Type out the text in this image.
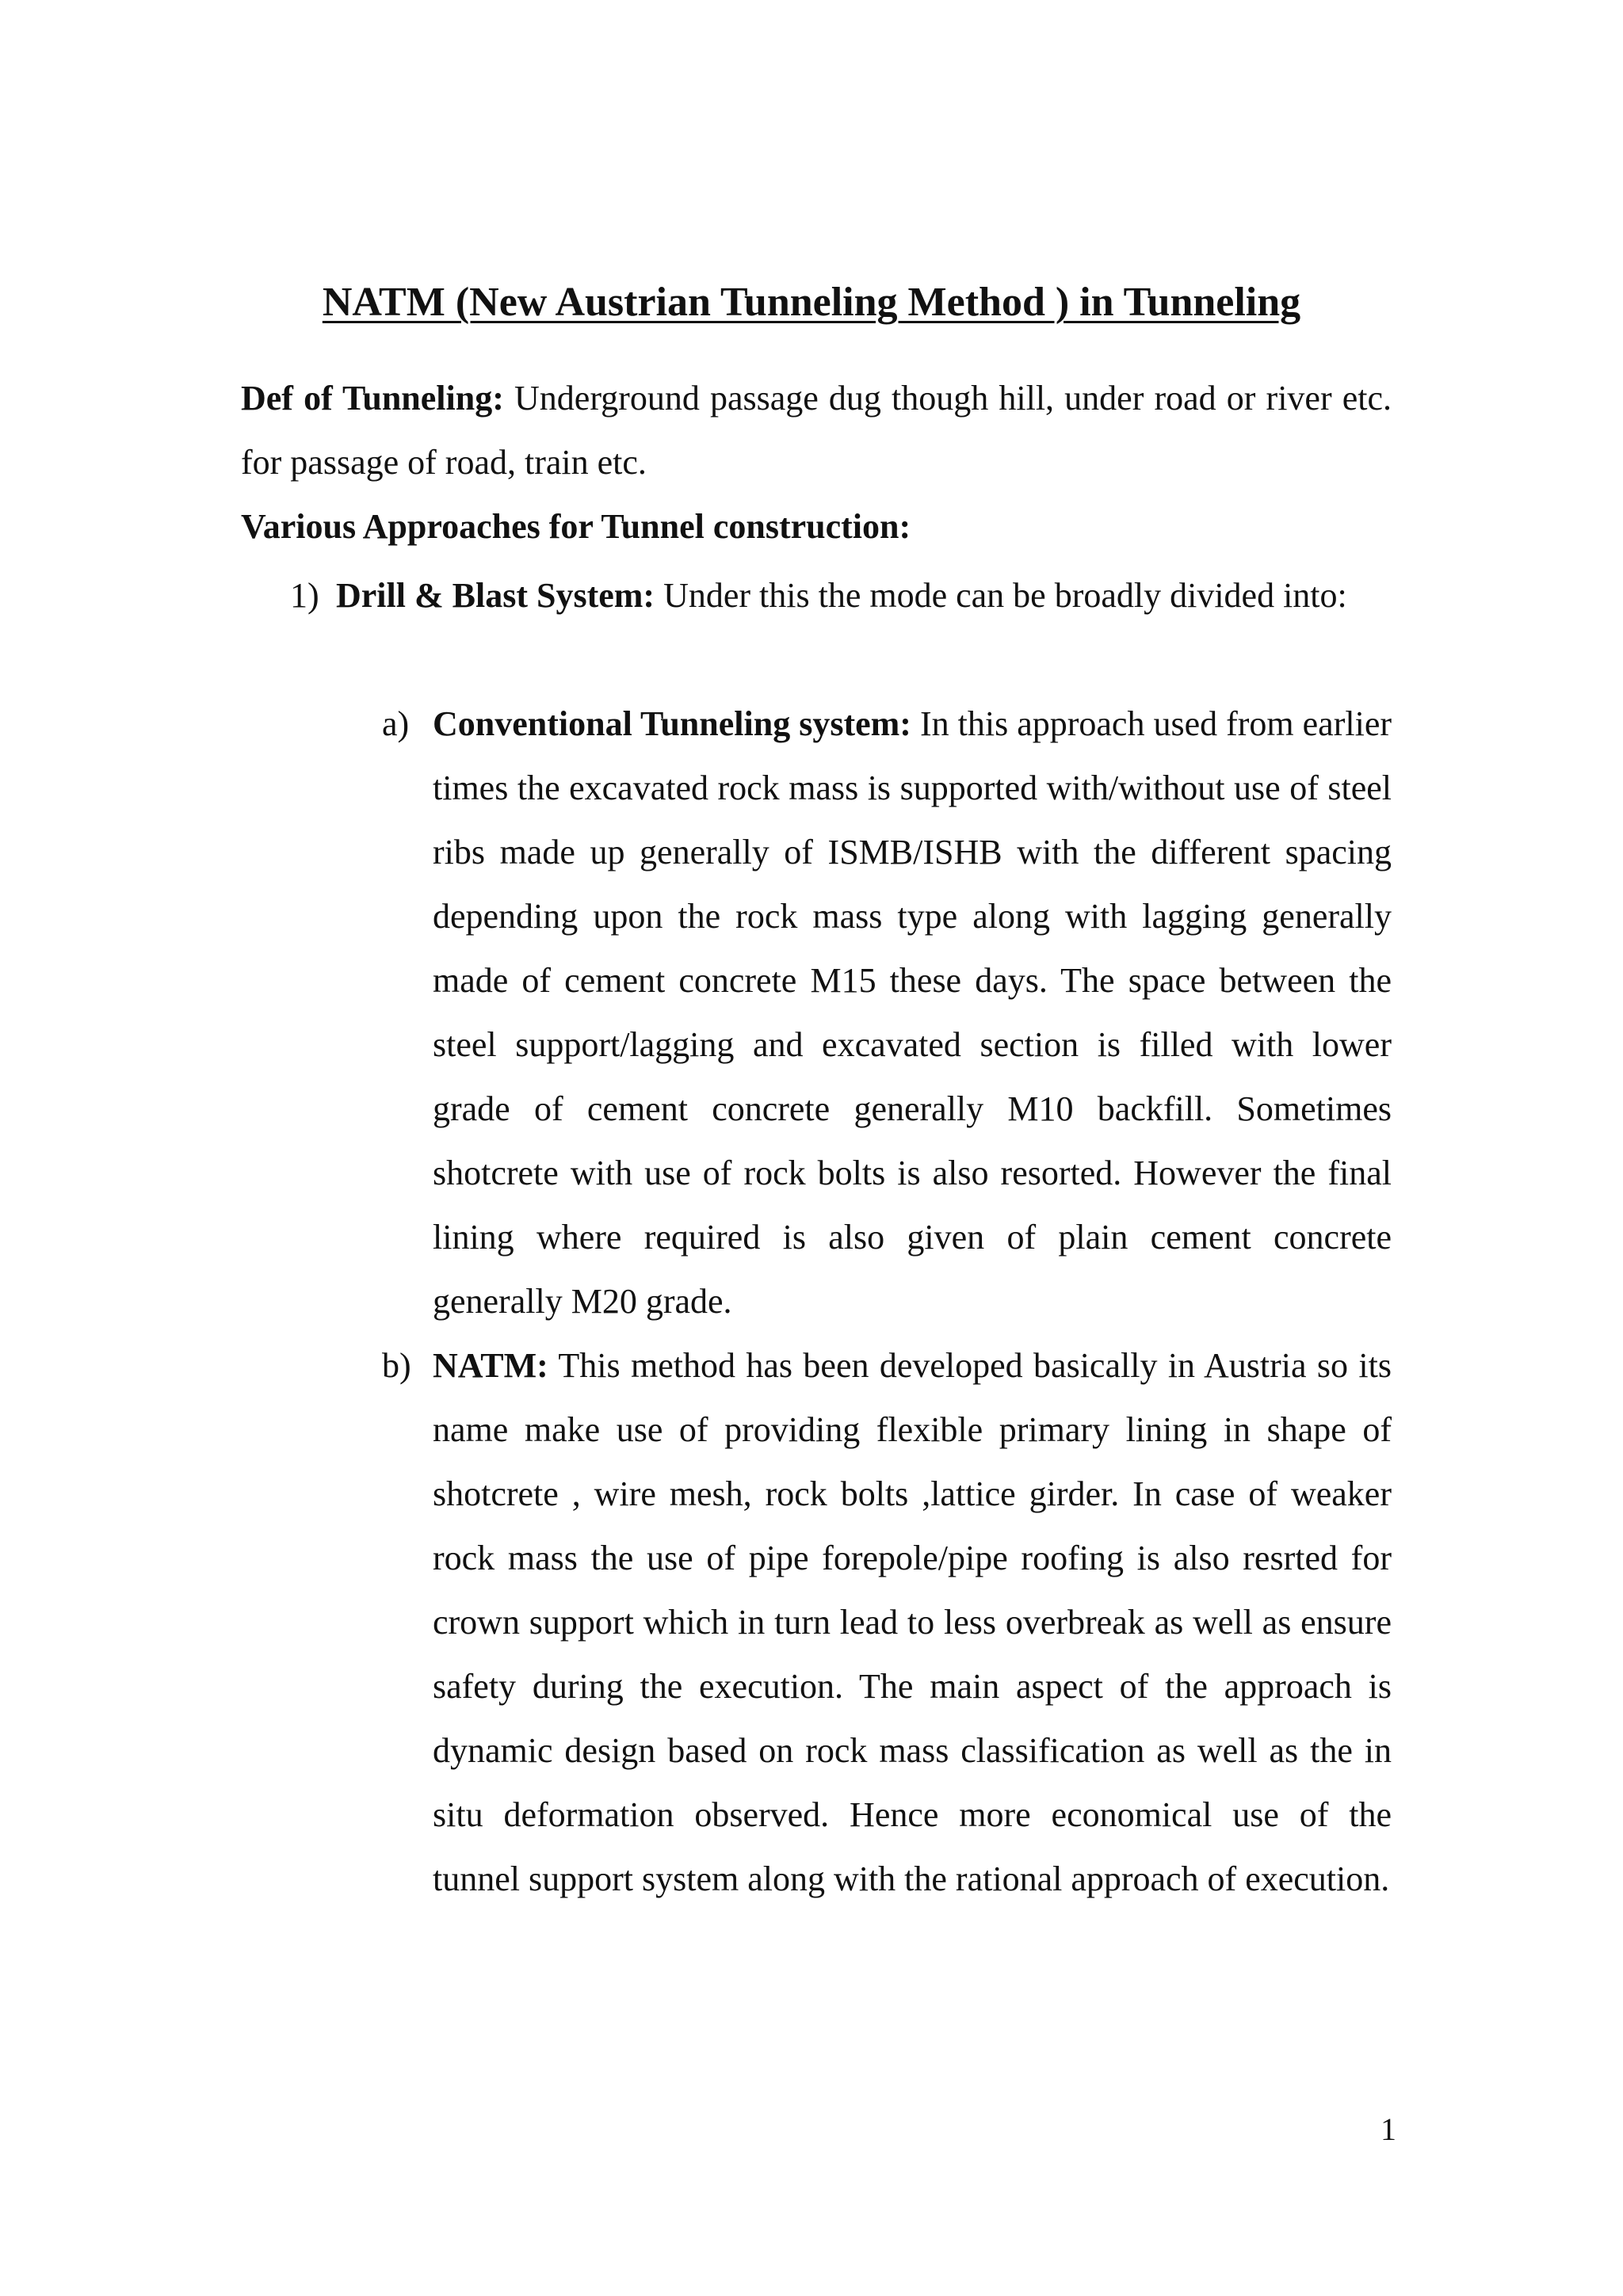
NATM (New Austrian Tunneling Method ) in Tunneling
Def of Tunneling: Underground passage dug though hill, under road or river etc. for passage of road, train etc.
Various Approaches for Tunnel construction:
1) Drill & Blast System: Under this the mode can be broadly divided into:
a) Conventional Tunneling system: In this approach used from earlier times the excavated rock mass is supported with/without use of steel ribs made up generally of ISMB/ISHB with the different spacing depending upon the rock mass type along with lagging generally made of cement concrete M15 these days. The space between the steel support/lagging and excavated section is filled with lower grade of cement concrete generally M10 backfill. Sometimes shotcrete with use of rock bolts is also resorted. However the final lining where required is also given of plain cement concrete generally M20 grade.
b) NATM: This method has been developed basically in Austria so its name make use of providing flexible primary lining in shape of shotcrete , wire mesh, rock bolts ,lattice girder. In case of weaker rock mass the use of pipe forepole/pipe roofing is also resrted for crown support which in turn lead to less overbreak as well as ensure safety during the execution. The main aspect of the approach is dynamic design based on rock mass classification as well as the in situ deformation observed. Hence more economical use of the tunnel support system along with the rational approach of execution.
1
